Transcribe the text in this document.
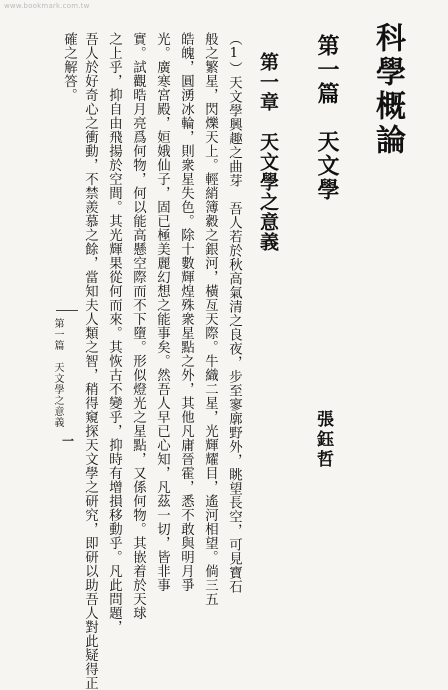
www.bookmark.com.tw
科學概論
第一篇　天文學
第一章　天文學之意義
張鈺哲
（1）天文學興趣之曲芽　吾人若於秋高氣清之良夜，步至寥廓野外，眺望長空，可見寶石
般之繁星，閃爍天上。輕綃簿縠之銀河，橫亙天際。牛織二星，光輝耀目，遙河相望。倘三五
皓魄，圓湧冰輪，則衆星失色。除十數輝煌殊衆星點之外，其他凡庸晉霍，悉不敢與明月爭
光。廣寒宮殿，姮娥仙子，固已極美麗幻想之能事矣。然吾人早已心知，凡茲一切，皆非事
實。試觀晧月亮爲何物，何以能高懸空際而不下墮。形似燈光之星點，又係何物。其嵌着於天球
之上乎，抑自由飛揚於空間。其光輝果從何而來。其恢古不變乎，抑時有增損移動乎。凡此問題，
吾人於好奇心之衝動，不禁羨慕之餘，當知夫人類之智，稍得窺探天文學之研究，即研以助吾人對此疑得正
確之解答。
第一篇　天文學之意義
一
